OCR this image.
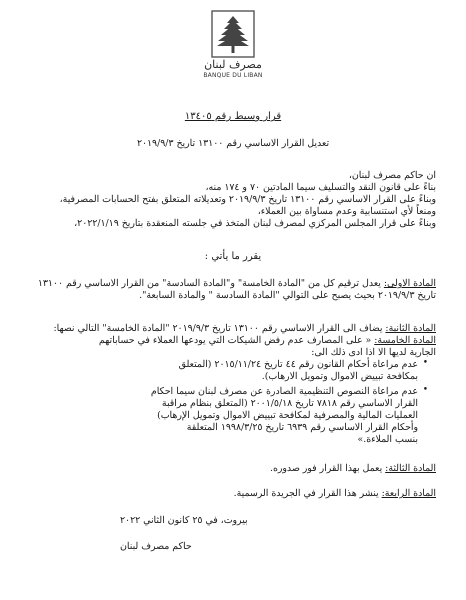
مصرف لبنان
BANQUE DU LIBAN
قرار وسيط رقم ١٣٤٠٥
تعديل القرار الاساسي رقم ١٣١٠٠ تاريخ ٢٠١٩/٩/٣
ان حاكم مصرف لبنان،
بناءً على قانون النقد والتسليف سيما المادتين ٧٠ و ١٧٤ منه،
وبناءً على القرار الاساسي رقم ١٣١٠٠ تاريخ ٢٠١٩/٩/٣ وتعديلاته المتعلق بفتح الحسابات المصرفية،
ومنعاً لأي استنسابية وعدم مساواة بين العملاء،
وبناءً على قرار المجلس المركزي لمصرف لبنان المتخذ في جلسته المنعقدة بتاريخ ٢٠٢٢/١/١٩،
يقرر ما يأتي :
المادة الاولى: يعدل ترقيم كل من "المادة الخامسة" و"المادة السادسة" من القرار الاساسي رقم ١٣١٠٠
تاريخ ٢٠١٩/٩/٣ بحيث يصبح على التوالي "المادة السادسة " والمادة السابعة".
المادة الثانية: يضاف الى القرار الاساسي رقم ١٣١٠٠ تاريخ ٢٠١٩/٩/٣ "المادة الخامسة" التالي نصها:
المادة الخامسة: « على المصارف عدم رفض الشيكات التي يودعها العملاء في حساباتهم
الجارية لديها الا اذا ادى ذلك الى:
•
عدم مراعاة أحكام القانون رقم ٤٤ تاريخ ٢٠١٥/١١/٢٤ (المتعلق
بمكافحة تبييض الاموال وتمويل الارهاب).
•
عدم مراعاة النصوص التنظيمية الصادرة عن مصرف لبنان سيما احكام
القرار الاساسي رقم ٧٨١٨ تاريخ ٢٠٠١/٥/١٨ (المتعلق بنظام مراقبة
العمليات المالية والمصرفية لمكافحة تبييض الاموال وتمويل الإرهاب)
وأحكام القرار الاساسي رقم ٦٩٣٩ تاريخ ١٩٩٨/٣/٢٥ المتعلقة
بنسب الملاءة.»
المادة الثالثة: يعمل بهذا القرار فور صدوره.
المادة الرابعة: ينشر هذا القرار في الجريدة الرسمية.
بيروت، في ٢٥ كانون الثاني ٢٠٢٢
حاكم مصرف لبنان
